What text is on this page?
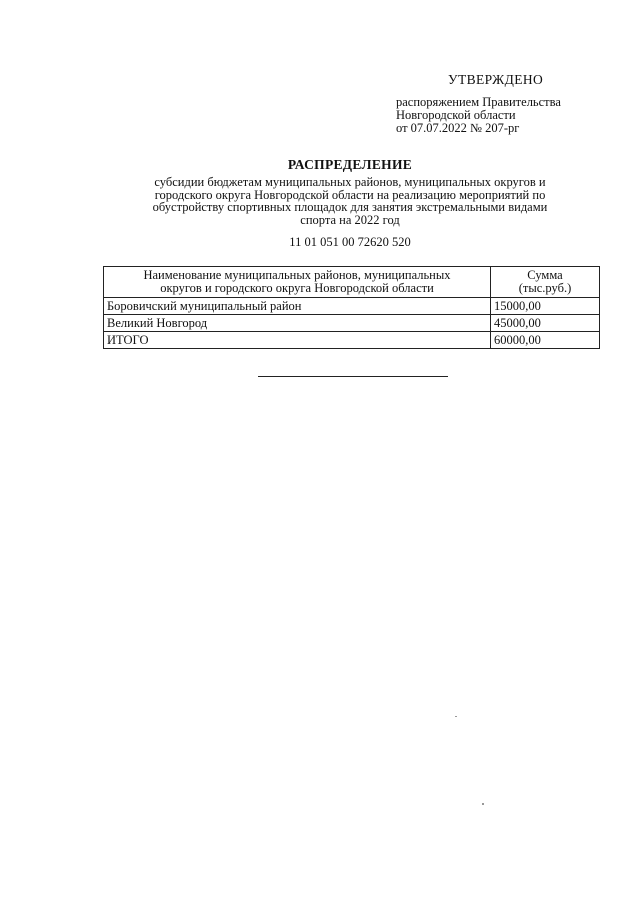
УТВЕРЖДЕНО
распоряжением Правительства
Новгородской области
от 07.07.2022 № 207-рг
РАСПРЕДЕЛЕНИЕ
субсидии бюджетам муниципальных районов, муниципальных округов и
городского округа Новгородской области на реализацию мероприятий по
обустройству спортивных площадок для занятия экстремальными видами
спорта на 2022 год
11 01 051 00 72620 520
Наименование муниципальных районов, муниципальных
округов и городского округа Новгородской области	Сумма
(тыс.руб.)

Боровичский муниципальный район	15000,00
Великий Новгород	45000,00
ИТОГО	60000,00
